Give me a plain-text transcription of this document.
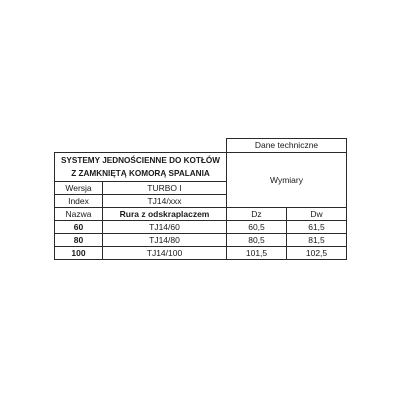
		Dane techniczne	

SYSTEMY JEDNOŚCIENNE DO KOTŁÓW
Z ZAMKNIĘTĄ KOMORĄ SPALANIA		Wymiary	
Wersja	TURBO I		
Index	TJ14/xxx		
Nazwa	Rura z odskraplaczem	Dz	Dw
60	TJ14/60	60,5	61,5
80	TJ14/80	80,5	81,5
100	TJ14/100	101,5	102,5
